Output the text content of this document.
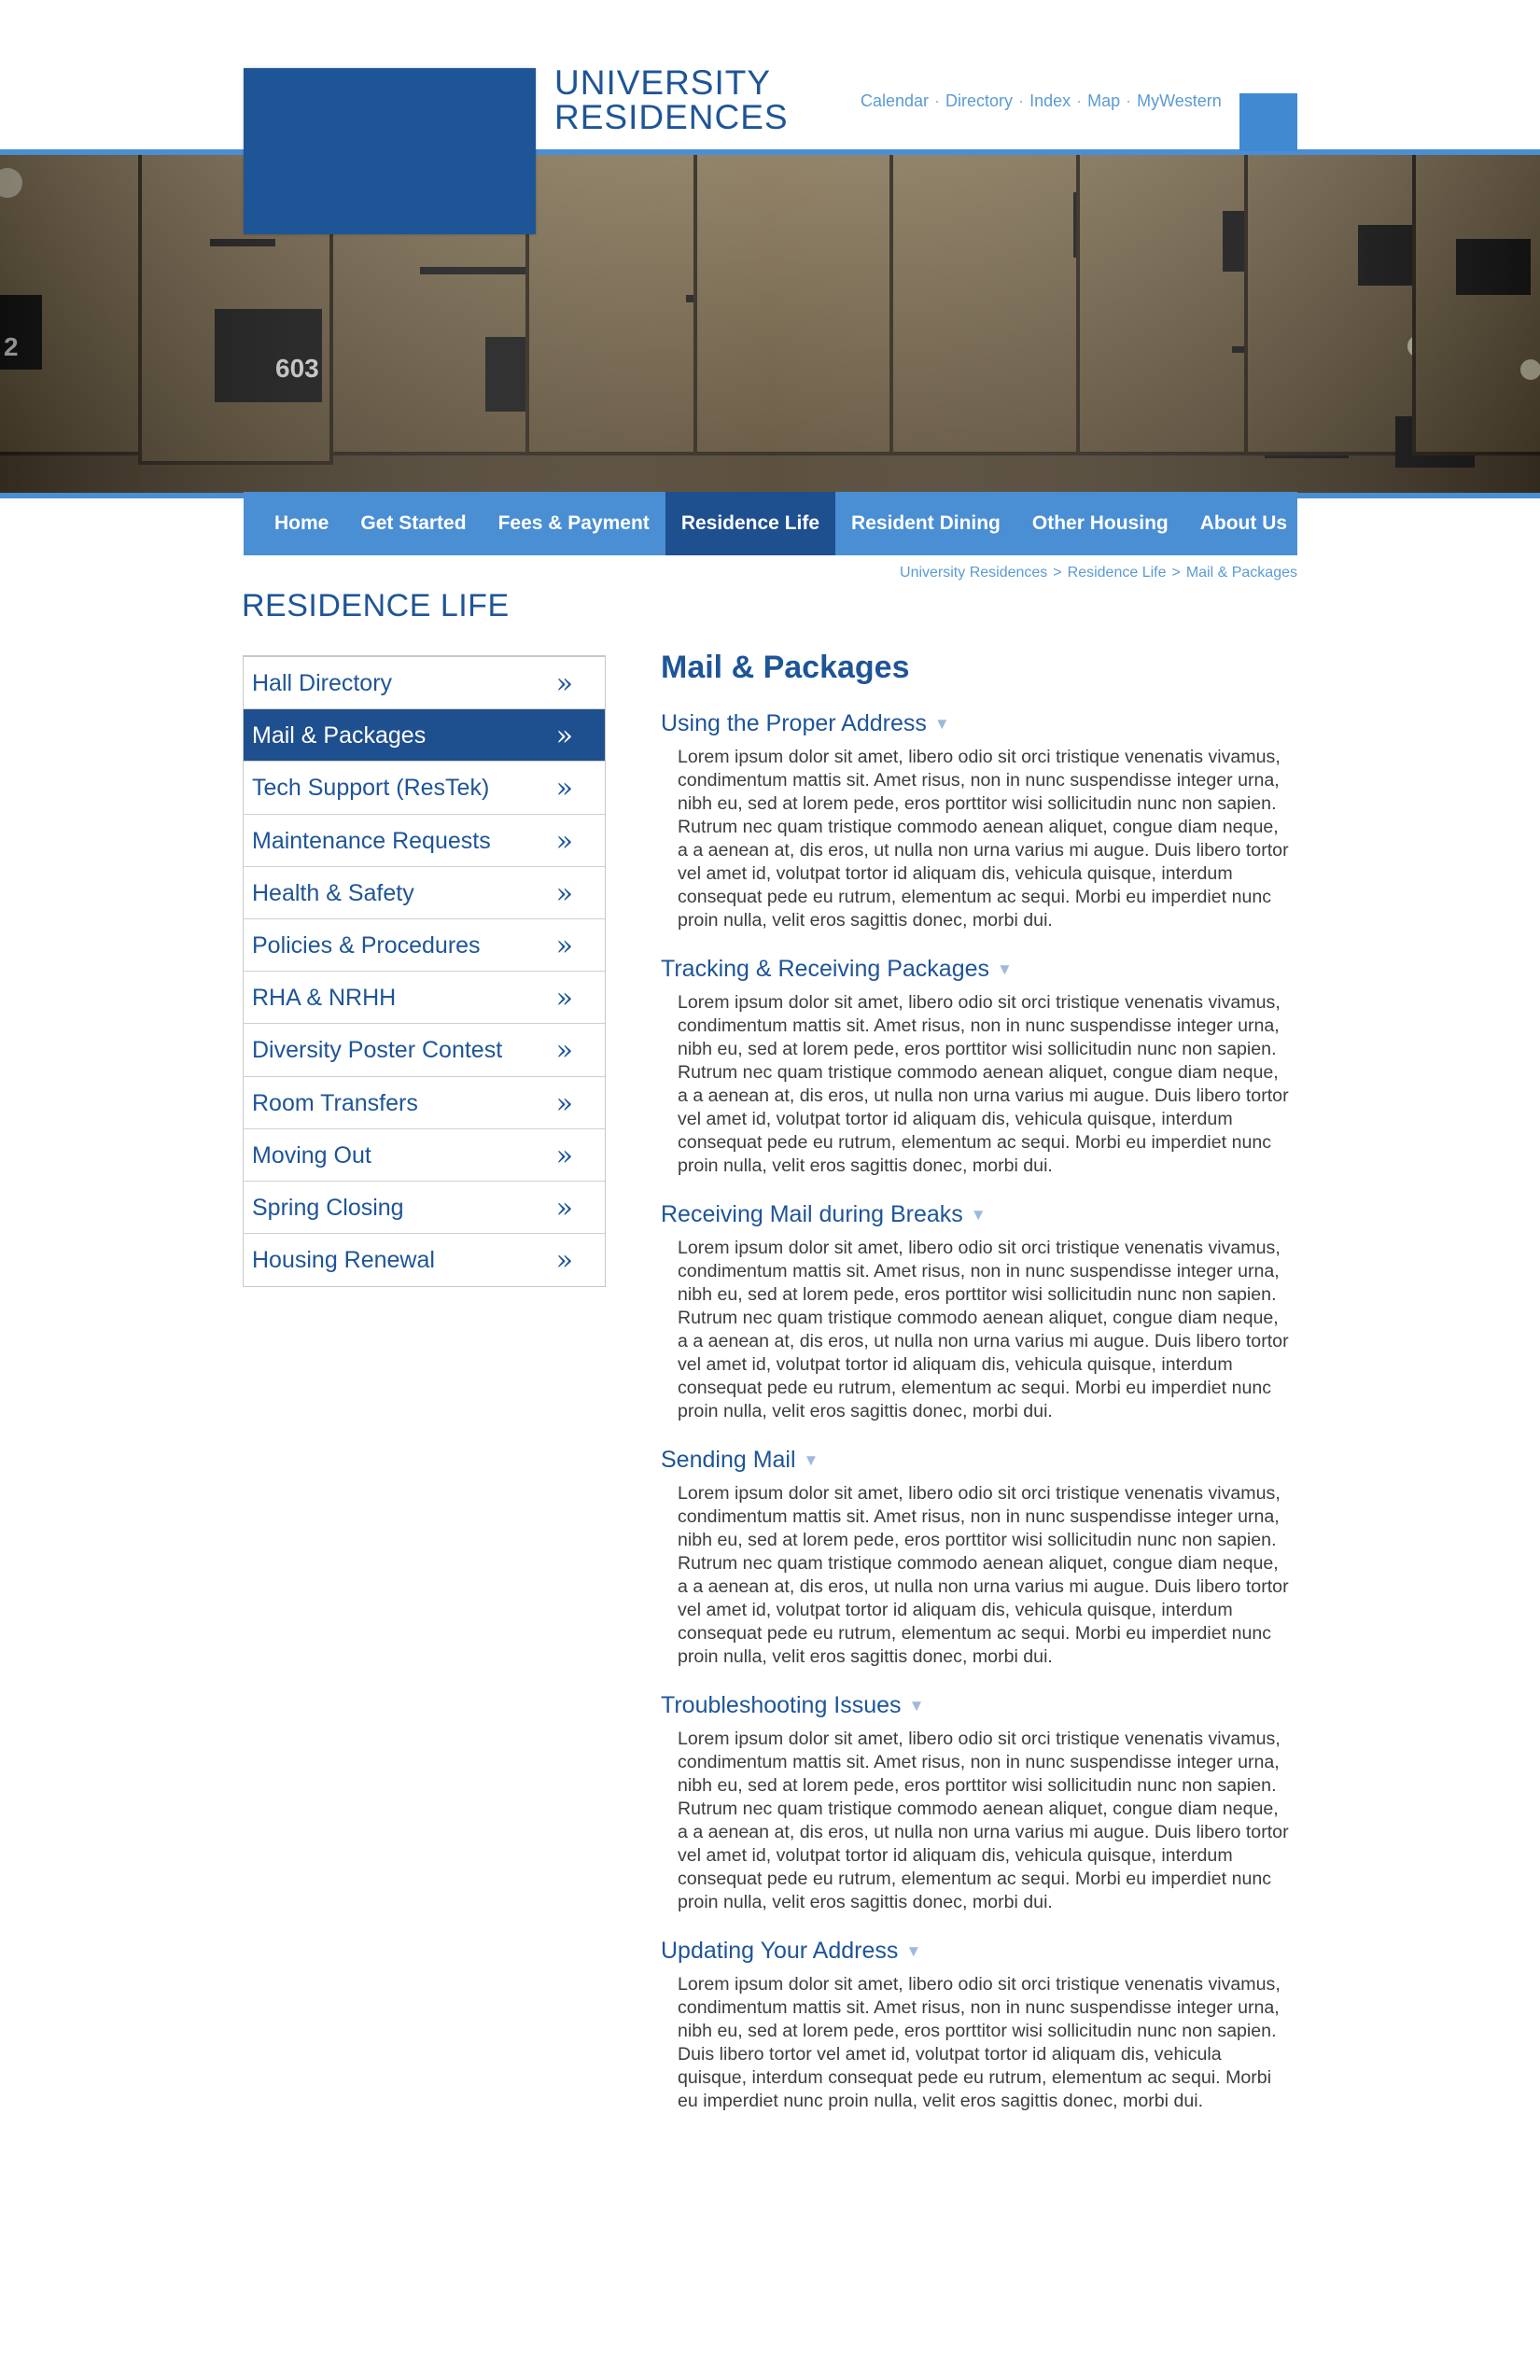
UNIVERSITY
RESIDENCES	Calendar · Directory · Index · Map · MyWestern
Home	Get Started	Fees & Payment	Residence Life	Resident Dining	Other Housing	About Us
University Residences > Residence Life > Mail & Packages
RESIDENCE LIFE
Hall Directory	»
Mail & Packages	»
Tech Support (ResTek) »
Maintenance Requests »
Health & Safety	»
Policies & Procedures	»
RHA & NRHH	»
Diversity Poster Contest »
Room Transfers	»
Moving Out	»
Spring Closing	»
Housing Renewal	»
Mail & Packages
Using the Proper Address ▼

Lorem ipsum dolor sit amet, libero odio sit orci tristique venenatis vivamus, condimentum mattis sit. Amet risus, non in nunc suspendisse integer urna, nibh eu, sed at lorem pede, eros porttitor wisi sollicitudin nunc non sapien. Rutrum nec quam tristique commodo aenean aliquet, congue diam neque, a a aenean at, dis eros, ut nulla non urna varius mi augue. Duis libero tortor vel amet id, volutpat tortor id aliquam dis, vehicula quisque, interdum consequat pede eu rutrum, elementum ac sequi. Morbi eu imperdiet nunc proin nulla, velit eros sagittis donec, morbi dui.

Tracking & Receiving Packages ▼

Lorem ipsum dolor sit amet, libero odio sit orci tristique venenatis vivamus, condimentum mattis sit. Amet risus, non in nunc suspendisse integer urna, nibh eu, sed at lorem pede, eros porttitor wisi sollicitudin nunc non sapien. Rutrum nec quam tristique commodo aenean aliquet, congue diam neque, a a aenean at, dis eros, ut nulla non urna varius mi augue. Duis libero tortor vel amet id, volutpat tortor id aliquam dis, vehicula quisque, interdum consequat pede eu rutrum, elementum ac sequi. Morbi eu imperdiet nunc proin nulla, velit eros sagittis donec, morbi dui.

Receiving Mail during Breaks ▼

Lorem ipsum dolor sit amet, libero odio sit orci tristique venenatis vivamus, condimentum mattis sit. Amet risus, non in nunc suspendisse integer urna, nibh eu, sed at lorem pede, eros porttitor wisi sollicitudin nunc non sapien. Rutrum nec quam tristique commodo aenean aliquet, congue diam neque, a a aenean at, dis eros, ut nulla non urna varius mi augue. Duis libero tortor vel amet id, volutpat tortor id aliquam dis, vehicula quisque, interdum consequat pede eu rutrum, elementum ac sequi. Morbi eu imperdiet nunc proin nulla, velit eros sagittis donec, morbi dui.

Sending Mail ▼

Lorem ipsum dolor sit amet, libero odio sit orci tristique venenatis vivamus, condimentum mattis sit. Amet risus, non in nunc suspendisse integer urna, nibh eu, sed at lorem pede, eros porttitor wisi sollicitudin nunc non sapien. Rutrum nec quam tristique commodo aenean aliquet, congue diam neque, a a aenean at, dis eros, ut nulla non urna varius mi augue. Duis libero tortor vel amet id, volutpat tortor id aliquam dis, vehicula quisque, interdum consequat pede eu rutrum, elementum ac sequi. Morbi eu imperdiet nunc proin nulla, velit eros sagittis donec, morbi dui.

Troubleshooting Issues ▼

Lorem ipsum dolor sit amet, libero odio sit orci tristique venenatis vivamus, condimentum mattis sit. Amet risus, non in nunc suspendisse integer urna, nibh eu, sed at lorem pede, eros porttitor wisi sollicitudin nunc non sapien. Rutrum nec quam tristique commodo aenean aliquet, congue diam neque, a a aenean at, dis eros, ut nulla non urna varius mi augue. Duis libero tortor vel amet id, volutpat tortor id aliquam dis, vehicula quisque, interdum consequat pede eu rutrum, elementum ac sequi. Morbi eu imperdiet nunc proin nulla, velit eros sagittis donec, morbi dui.

Updating Your Address ▼

Lorem ipsum dolor sit amet, libero odio sit orci tristique venenatis vivamus, condimentum mattis sit. Amet risus, non in nunc suspendisse integer urna, nibh eu, sed at lorem pede, eros porttitor wisi sollicitudin nunc non sapien. Duis libero tortor vel amet id, volutpat tortor id aliquam dis, vehicula quisque, interdum consequat pede eu rutrum, elementum ac sequi. Morbi eu imperdiet nunc proin nulla, velit eros sagittis donec, morbi dui.
